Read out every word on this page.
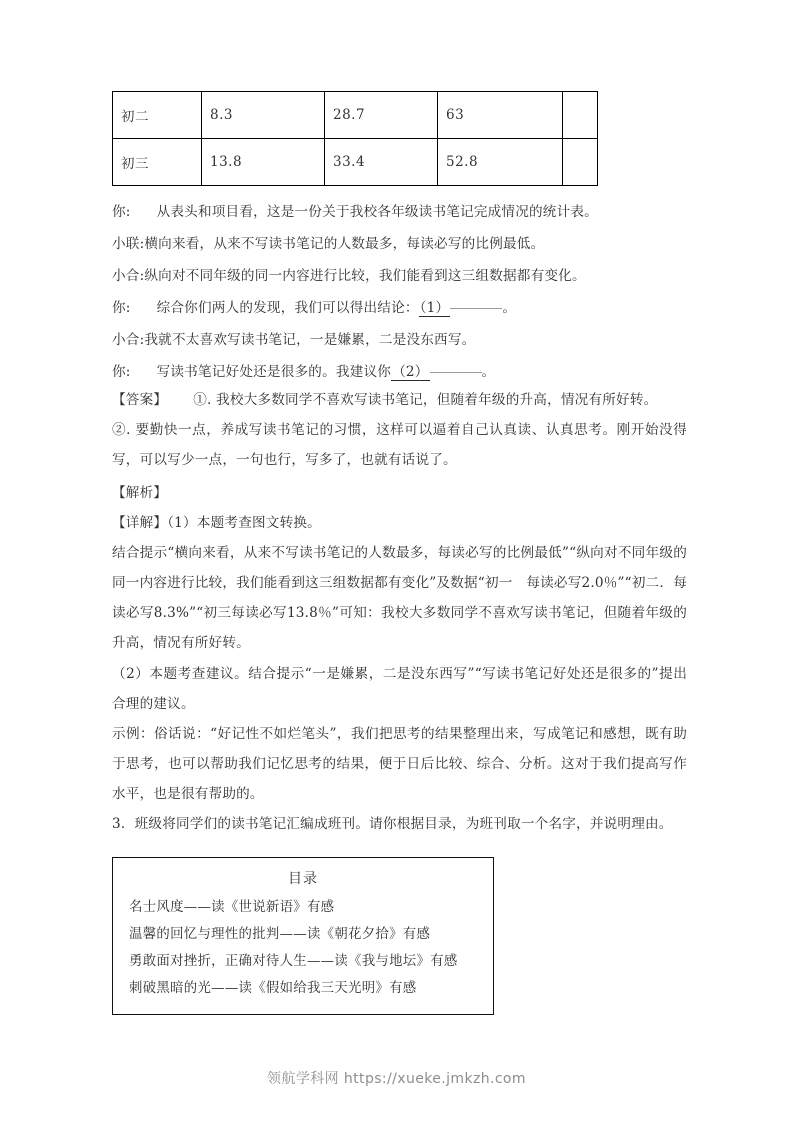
初二	8.3	28.7	63	
初三	13.8	33.4	52.8	

你: 从表头和项目看，这是一份关于我校各年级读书笔记完成情况的统计表。

小联:横向来看，从来不写读书笔记的人数最多，每读必写的比例最低。

小合:纵向对不同年级的同一内容进行比较，我们能看到这三组数据都有变化。

你: 综合你们两人的发现，我们可以得出结论：（1）	。

小合:我就不太喜欢写读书笔记，一是嫌累，二是没东西写。

你: 写读书笔记好处还是很多的。我建议你（2）	。

【答案】 ①. 我校大多数同学不喜欢写读书笔记，但随着年级的升高，情况有所好转。

②. 要勤快一点，养成写读书笔记的习惯，这样可以逼着自己认真读、认真思考。刚开始没得写，可以写少一点，一句也行，写多了，也就有话说了。

【解析】

【详解】（1）本题考查图文转换。

结合提示“横向来看，从来不写读书笔记的人数最多，每读必写的比例最低”“纵向对不同年级的同一内容进行比较，我们能看到这三组数据都有变化”及数据“初一　每读必写2.0％”“初二．每读必写8.3%”“初三每读必写13.8％”可知：我校大多数同学不喜欢写读书笔记，但随着年级的升高，情况有所好转。

（2）本题考查建议。结合提示“一是嫌累，二是没东西写”“写读书笔记好处还是很多的”提出合理的建议。

示例：俗话说：“好记性不如烂笔头”，我们把思考的结果整理出来，写成笔记和感想，既有助于思考，也可以帮助我们记忆思考的结果，便于日后比较、综合、分析。这对于我们提高写作水平，也是很有帮助的。

3．班级将同学们的读书笔记汇编成班刊。请你根据目录，为班刊取一个名字，并说明理由。

目录
名士风度——读《世说新语》有感
温馨的回忆与理性的批判——读《朝花夕拾》有感
勇敢面对挫折，正确对待人生——读《我与地坛》有感
刺破黑暗的光——读《假如给我三天光明》有感
领航学科网 https://xueke.jmkzh.com
